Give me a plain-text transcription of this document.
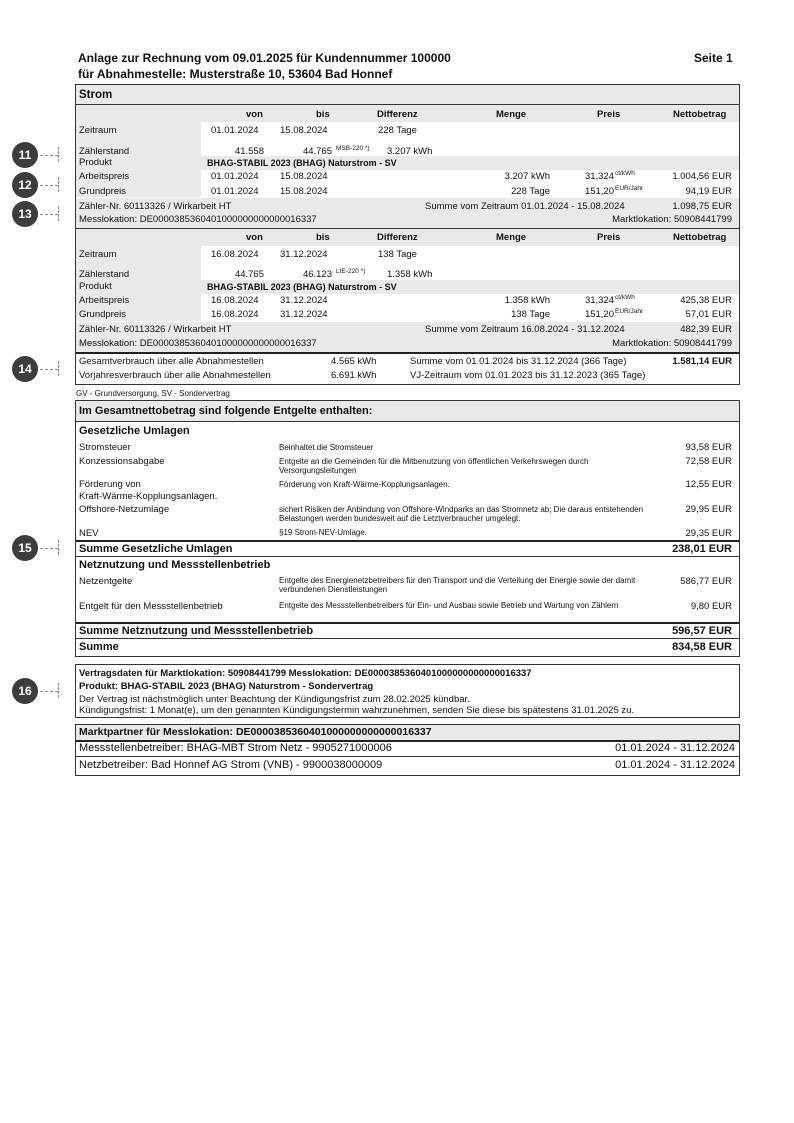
Anlage zur Rechnung vom 09.01.2025 für Kundennummer 100000
für Abnahmestelle: Musterstraße 10, 53604 Bad Honnef
Seite 1
11
12
13
14
15
16
Strom
von	bis	Differenz	Menge	Preis	Nettobetrag
Zeitraum	01.01.2024 15.08.2024	228 Tage
Zählerstand	41.558	44.765 MSB-220 *) 3.207 kWh
Produkt	BHAG-STABIL 2023 (BHAG) Naturstrom - SV
Arbeitspreis	01.01.2024 15.08.2024	3.207 kWh	31,324 ct/kWh	1.004,56 EUR
Grundpreis	01.01.2024 15.08.2024	228 Tage	151,20 EUR/Jahr	94,19 EUR
Zähler-Nr. 60113326 / Wirkarbeit HT	Summe vom Zeitraum 01.01.2024 - 15.08.2024	1.098,75 EUR
Messlokation: DE0000385360401000000000000016337	Marktlokation: 50908441799
von	bis	Differenz	Menge	Preis	Nettobetrag
Zeitraum	16.08.2024 31.12.2024	138 Tage
Zählerstand	44.765	46.123 LIE-220 *) 1.358 kWh
Produkt	BHAG-STABIL 2023 (BHAG) Naturstrom - SV
Arbeitspreis	16.08.2024 31.12.2024	1.358 kWh	31,324 ct/kWh	425,38 EUR
Grundpreis	16.08.2024 31.12.2024	138 Tage	151,20 EUR/Jahr	57,01 EUR
Zähler-Nr. 60113326 / Wirkarbeit HT	Summe vom Zeitraum 16.08.2024 - 31.12.2024	482,39 EUR
Messlokation: DE0000385360401000000000000016337	Marktlokation: 50908441799
Gesamtverbrauch über alle Abnahmestellen	4.565 kWh	Summe vom 01.01.2024 bis 31.12.2024 (366 Tage)	1.581,14 EUR
Vorjahresverbrauch über alle Abnahmestellen	6.691 kWh	VJ-Zeitraum vom 01.01.2023 bis 31.12.2023 (365 Tage)
GV - Grundversorgung, SV - Sondervertrag
Im Gesamtnettobetrag sind folgende Entgelte enthalten:
Gesetzliche Umlagen
Stromsteuer	Beinhaltet die Stromsteuer	93,58 EUR
Konzessionsabgabe	Entgelte an die Gemeinden für die Mitbenutzung von öffentlichen Verkehrswegen durch Versorgungsleitungen
72,58 EUR
Förderung von
Kraft-Wärme-Kopplungsanlagen.
Förderung von Kraft-Wärme-Kopplungsanlagen.	12,55 EUR
Offshore-Netzumlage	sichert Risiken der Anbindung von Offshore-Windparks an das Stromnetz ab; Die daraus entstehenden Belastungen werden bundesweit auf die Letztverbraucher umgelegt.
29,95 EUR
NEV	§19 Strom-NEV-Umlage.	29,35 EUR
Summe Gesetzliche Umlagen	238,01 EUR
Netznutzung und Messstellenbetrieb
Netzentgelte	Entgelte des Energienetzbetreibers für den Transport und die Verteilung der Energie sowie der damit verbundenen Dienstleistungen
586,77 EUR
Entgelt für den Messstellenbetrieb	Entgelte des Messstellenbetreibers für Ein- und Ausbau sowie Betrieb und Wartung von Zählern	9,80 EUR
Summe Netznutzung und Messstellenbetrieb	596,57 EUR
Summe	834,58 EUR
Vertragsdaten für Marktlokation: 50908441799 Messlokation: DE0000385360401000000000000016337
Produkt: BHAG-STABIL 2023 (BHAG) Naturstrom - Sondervertrag
Der Vertrag ist nächstmöglich unter Beachtung der Kündigungsfrist zum 28.02.2025 kündbar.
Kündigungsfrist: 1 Monat(e), um den genannten Kündigungstermin wahrzunehmen, senden Sie diese bis spätestens 31.01.2025 zu.
Marktpartner für Messlokation: DE0000385360401000000000000016337
Messstellenbetreiber: BHAG-MBT Strom Netz - 9905271000006	01.01.2024 - 31.12.2024
Netzbetreiber: Bad Honnef AG Strom (VNB) - 9900038000009	01.01.2024 - 31.12.2024
